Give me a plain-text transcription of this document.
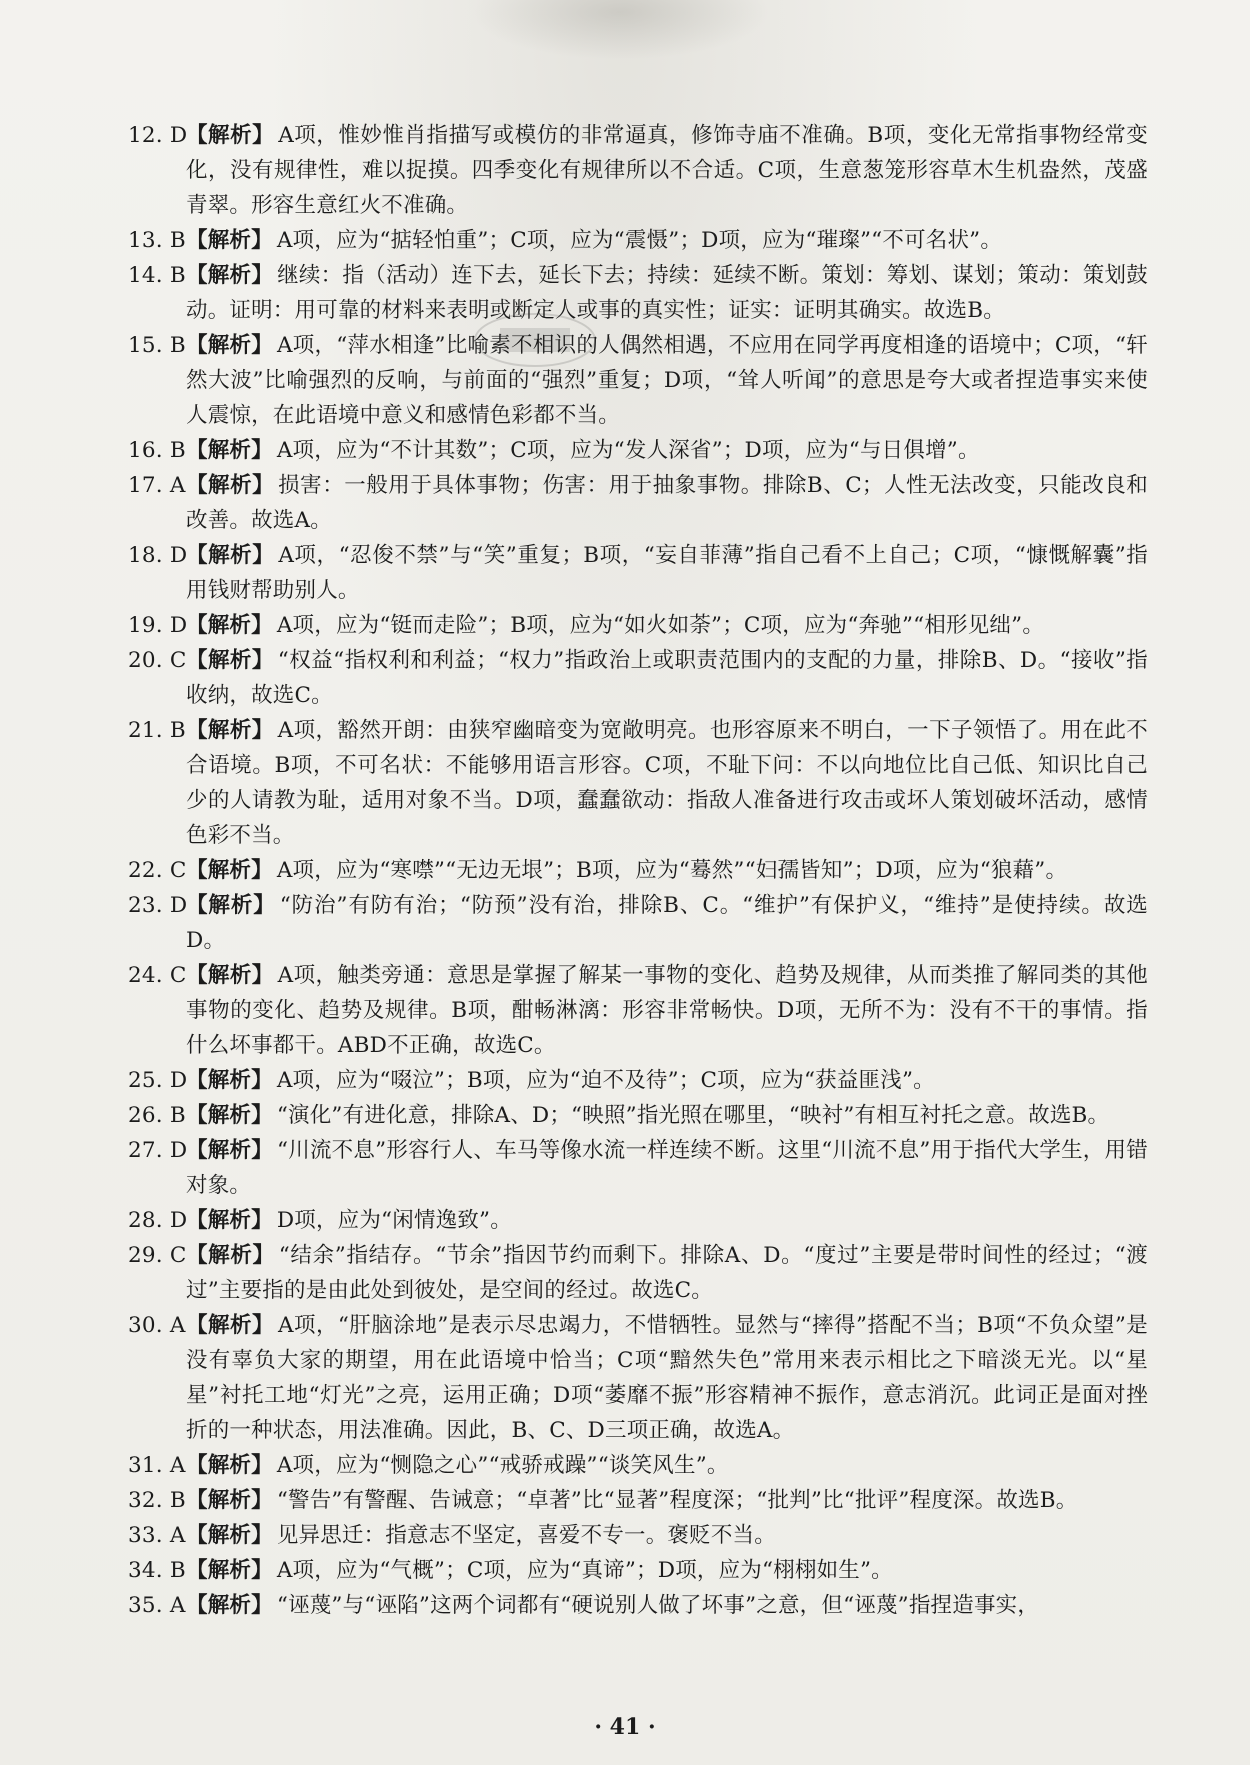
12. D
【解析】 A项，惟妙惟肖指描写或模仿的非常逼真，修饰寺庙不准确。B项，变化无常指事物经常变化，没有规律性，难以捉摸。四季变化有规律所以不合适。C项，生意葱笼形容草木生机盎然，茂盛青翠。形容生意红火不准确。
13. B 【解析】 A项，应为“掂轻怕重”；C项，应为“震慑”；D项，应为“璀璨”“不可名状”。
14. B 【解析】 继续：指（活动）连下去，延长下去；持续：延续不断。策划：筹划、谋划；策动：策划鼓动。证明：用可靠的材料来表明或断定人或事的真实性；证实：证明其确实。故选B。
15. B 【解析】 A项，“萍水相逢”比喻素不相识的人偶然相遇，不应用在同学再度相逢的语境中；C项，“轩然大波”比喻强烈的反响，与前面的“强烈”重复；D项，“耸人听闻”的意思是夸大或者捏造事实来使人震惊，在此语境中意义和感情色彩都不当。
16. B 【解析】 A项，应为“不计其数”；C项，应为“发人深省”；D项，应为“与日俱增”。
17. A 【解析】 损害：一般用于具体事物；伤害：用于抽象事物。排除B、C；人性无法改变，只能改良和改善。故选A。
18. D
【解析】 A项，“忍俊不禁”与“笑”重复；B项，“妄自菲薄”指自己看不上自己；C项，“慷慨解囊”指用钱财帮助别人。
19. D
【解析】 A项，应为“铤而走险”；B项，应为“如火如荼”；C项，应为“奔驰”“相形见绌”。
20. C 【解析】 “权益“指权利和利益；“权力”指政治上或职责范围内的支配的力量，排除B、D。“接收”指收纳，故选C。
21. B 【解析】 A项，豁然开朗：由狭窄幽暗变为宽敞明亮。也形容原来不明白，一下子领悟了。用在此不合语境。B项，不可名状：不能够用语言形容。C项，不耻下问：不以向地位比自己低、知识比自己少的人请教为耻，适用对象不当。D项，蠢蠢欲动：指敌人准备进行攻击或坏人策划破坏活动，感情色彩不当。
22. C 【解析】 A项，应为“寒噤”“无边无垠”；B项，应为“蓦然”“妇孺皆知”；D项，应为“狼藉”。
23. D
【解析】 “防治”有防有治；“防预”没有治，排除B、C。“维护”有保护义，“维持”是使持续。故选D。
24. C 【解析】 A项，触类旁通：意思是掌握了解某一事物的变化、趋势及规律，从而类推了解同类的其他事物的变化、趋势及规律。B项，酣畅淋漓：形容非常畅快。D项，无所不为：没有不干的事情。指什么坏事都干。ABD不正确，故选C。
25. D
【解析】 A项，应为“啜泣”；B项，应为“迫不及待”；C项，应为“获益匪浅”。
26. B 【解析】 “演化”有进化意，排除A、D；“映照”指光照在哪里，“映衬”有相互衬托之意。故选B。
27. D
【解析】 “川流不息”形容行人、车马等像水流一样连续不断。这里“川流不息”用于指代大学生，用错对象。
28. D
【解析】 D项，应为“闲情逸致”。
29. C 【解析】 “结余”指结存。“节余”指因节约而剩下。排除A、D。“度过”主要是带时间性的经过；“渡过”主要指的是由此处到彼处，是空间的经过。故选C。
30. A 【解析】 A项，“肝脑涂地”是表示尽忠竭力，不惜牺牲。显然与“摔得”搭配不当；B项“不负众望”是没有辜负大家的期望，用在此语境中恰当；C项“黯然失色”常用来表示相比之下暗淡无光。以“星星”衬托工地“灯光”之亮，运用正确；D项“萎靡不振”形容精神不振作，意志消沉。此词正是面对挫折的一种状态，用法准确。因此，B、C、D三项正确，故选A。
31. A 【解析】 A项，应为“恻隐之心”“戒骄戒躁”“谈笑风生”。
32. B 【解析】 “警告”有警醒、告诫意；“卓著”比“显著”程度深；“批判”比“批评”程度深。故选B。
33. A 【解析】 见异思迁：指意志不坚定，喜爱不专一。褒贬不当。
34. B 【解析】 A项，应为“气概”；C项，应为“真谛”；D项，应为“栩栩如生”。
35. A 【解析】 “诬蔑”与“诬陷”这两个词都有“硬说别人做了坏事”之意，但“诬蔑”指捏造事实，
· 41 ·
